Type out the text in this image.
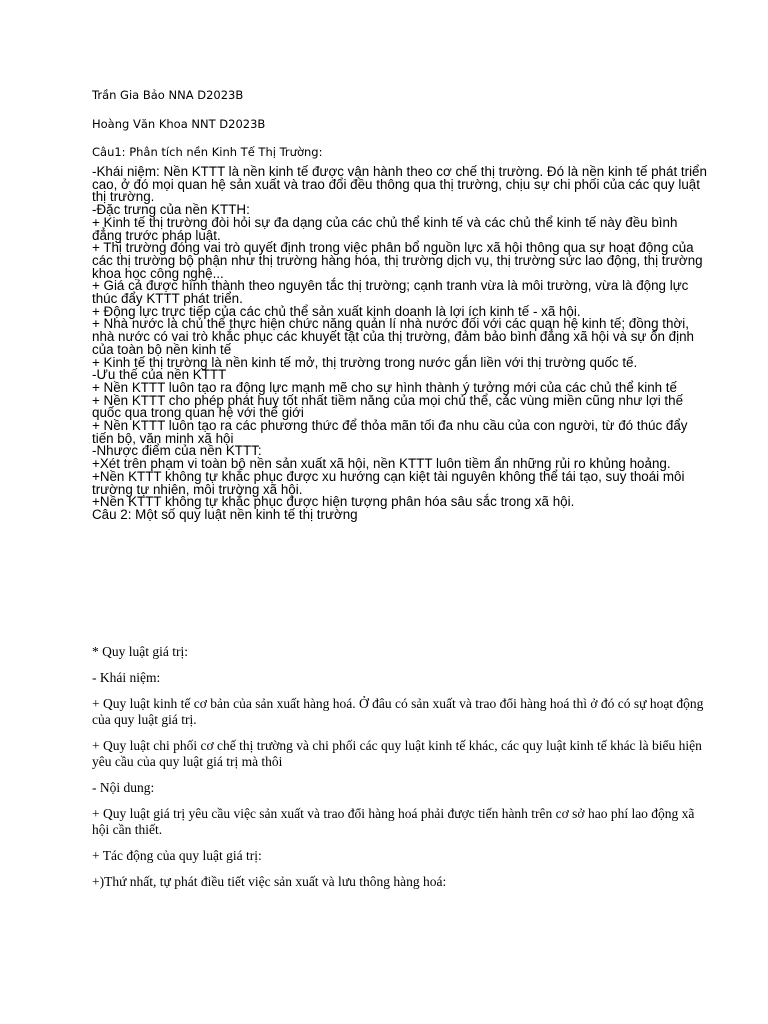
Trần Gia Bảo NNA D2023B
Hoàng Văn Khoa NNT D2023B
Câu1: Phân tích nền Kinh Tế Thị Trường:
-Khái niệm: Nền KTTT là nền kinh tế được vận hành theo cơ chế thị trường. Đó là nền kinh tế phát triển cao, ở đó mọi quan hệ sản xuất và trao đổi đều thông qua thị trường, chịu sự chi phối của các quy luật thị trường.
-Đặc trưng của nền KTTH:
+ Kinh tế thị trường đòi hỏi sự đa dạng của các chủ thể kinh tế và các chủ thể kinh tế này đều bình đẳng trước pháp luật.
+ Thị trường đóng vai trò quyết định trong việc phân bổ nguồn lực xã hội thông qua sự hoạt động của các thị trường bộ phận như thị trường hàng hóa, thị trường dịch vụ, thị trường sức lao động, thị trường khoa học công nghệ...
+ Giá cả được hình thành theo nguyên tắc thị trường; cạnh tranh vừa là môi trường, vừa là động lực thúc đẩy KTTT phát triển.
+ Động lực trực tiếp của các chủ thể sản xuất kinh doanh là lợi ích kinh tế - xã hội.
+ Nhà nước là chủ thể thực hiện chức năng quản lí nhà nước đối với các quan hệ kinh tế; đồng thời, nhà nước có vai trò khắc phục các khuyết tật của thị trường, đảm bảo bình đẳng xã hội và sự ổn định của toàn bộ nền kinh tế
+ Kinh tế thị trường là nền kinh tế mở, thị trường trong nước gắn liền với thị trường quốc tế.
-Ưu thế của nền KTTT
+ Nền KTTT luôn tạo ra động lực mạnh mẽ cho sự hình thành ý tưởng mới của các chủ thể kinh tế
+ Nền KTTT cho phép phát huy tốt nhất tiềm năng của mọi chủ thể, các vùng miền cũng như lợi thế quốc qua trong quan hệ với thế giới
+ Nền KTTT luôn tạo ra các phương thức để thỏa mãn tối đa nhu cầu của con người, từ đó thúc đẩy tiến bộ, văn minh xã hội
-Nhược điểm của nền KTTT:
+Xét trên phạm vi toàn bộ nền sản xuất xã hội, nền KTTT luôn tiềm ẩn những rủi ro khủng hoảng.
+Nền KTTT không tự khắc phục được xu hướng cạn kiệt tài nguyên không thể tái tạo, suy thoái môi trường tự nhiên, môi trường xã hội.
+Nền KTTT không tự khắc phục được hiện tượng phân hóa sâu sắc trong xã hội.
Câu 2: Một số quy luật nền kinh tế thị trường

* Quy luật giá trị:

- Khái niệm:

+ Quy luật kinh tế cơ bản của sản xuất hàng hoá. Ở đâu có sản xuất và trao đổi hàng hoá thì ở đó có sự hoạt động của quy luật giá trị.

+ Quy luật chi phối cơ chế thị trường và chi phối các quy luật kinh tế khác, các quy luật kinh tế khác là biểu hiện yêu cầu của quy luật giá trị mà thôi

- Nội dung:

+ Quy luật giá trị yêu cầu việc sản xuất và trao đổi hàng hoá phải được tiến hành trên cơ sở hao phí lao động xã hội cần thiết.

+ Tác động của quy luật giá trị:

+)Thứ nhất, tự phát điều tiết việc sản xuất và lưu thông hàng hoá:
